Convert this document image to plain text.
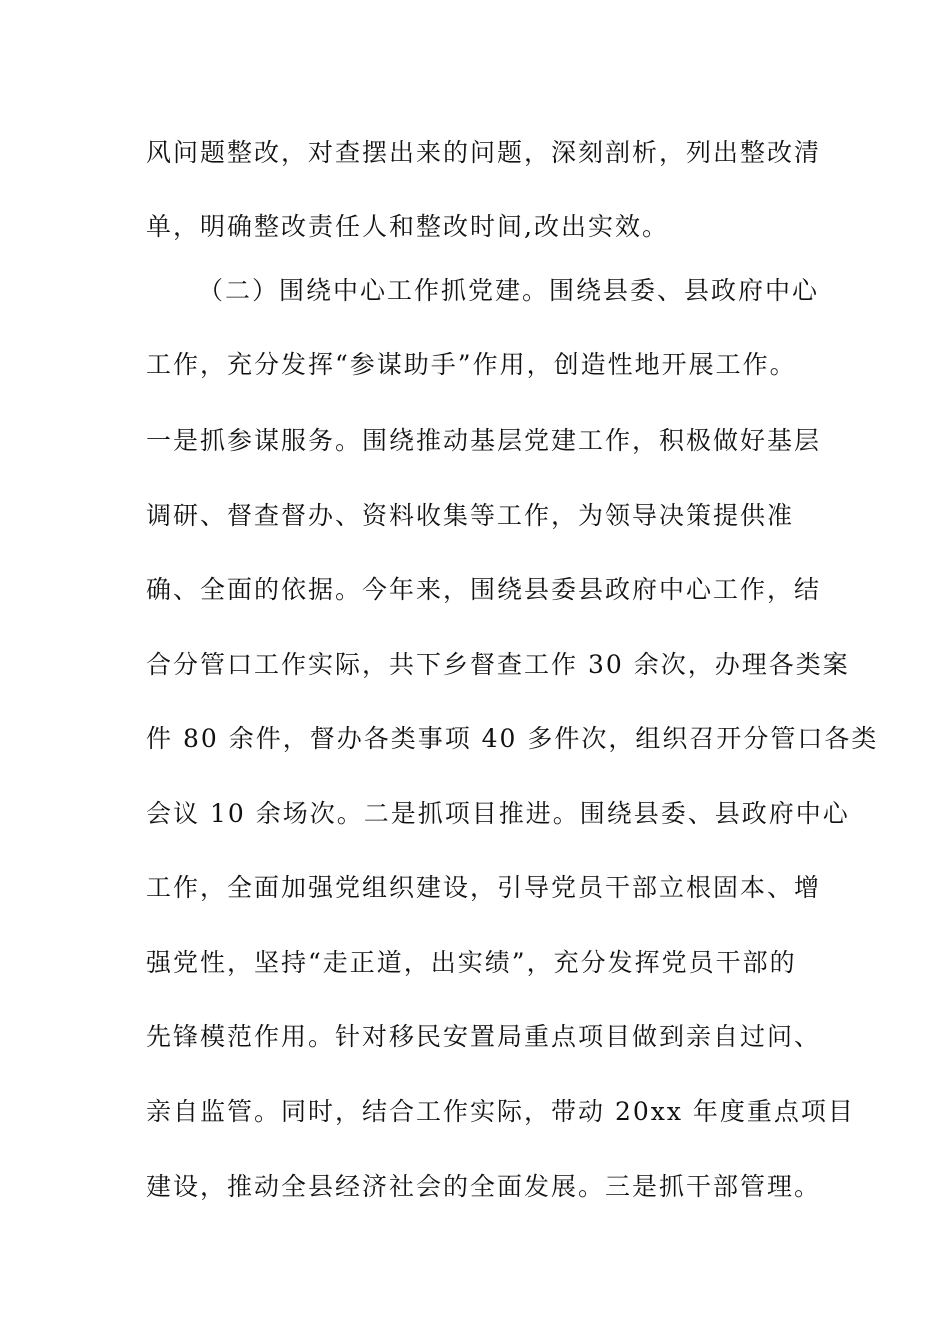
风问题整改，对查摆出来的问题，深刻剖析，列出整改清
单，明确整改责任人和整改时间,改出实效。
（二）围绕中心工作抓党建。围绕县委、县政府中心
工作，充分发挥“参谋助手”作用，创造性地开展工作。
一是抓参谋服务。围绕推动基层党建工作，积极做好基层
调研、督查督办、资料收集等工作，为领导决策提供准
确、全面的依据。今年来，围绕县委县政府中心工作，结
合分管口工作实际，共下乡督查工作 30 余次，办理各类案
件 80 余件，督办各类事项 40 多件次，组织召开分管口各类
会议 10 余场次。二是抓项目推进。围绕县委、县政府中心
工作，全面加强党组织建设，引导党员干部立根固本、增
强党性，坚持“走正道，出实绩”，充分发挥党员干部的
先锋模范作用。针对移民安置局重点项目做到亲自过问、
亲自监管。同时，结合工作实际，带动 20xx 年度重点项目
建设，推动全县经济社会的全面发展。三是抓干部管理。
